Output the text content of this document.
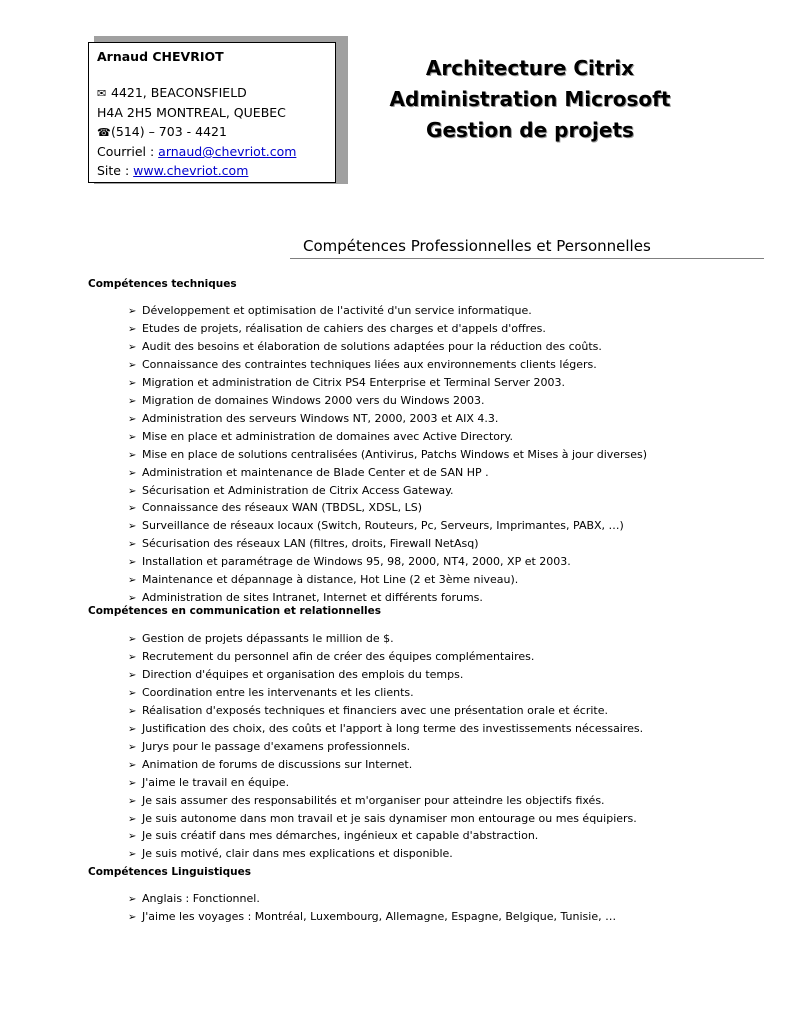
Arnaud CHEVRIOT
✉ 4421, BEACONSFIELD
H4A 2H5 MONTREAL, QUEBEC
☎(514) – 703 - 4421
Courriel : arnaud@chevriot.com
Site : www.chevriot.com
Architecture Citrix
Administration Microsoft
Gestion de projets
Compétences Professionnelles et Personnelles
Compétences techniques
➢ Développement et optimisation de l'activité d'un service informatique.
➢ Etudes de projets, réalisation de cahiers des charges et d'appels d'offres.
➢ Audit des besoins et élaboration de solutions adaptées pour la réduction des coûts.
➢ Connaissance des contraintes techniques liées aux environnements clients légers.
➢ Migration et administration de Citrix PS4 Enterprise et Terminal Server 2003.
➢ Migration de domaines Windows 2000 vers du Windows 2003.
➢ Administration des serveurs Windows NT, 2000, 2003 et AIX 4.3.
➢ Mise en place et administration de domaines avec Active Directory.
➢ Mise en place de solutions centralisées (Antivirus, Patchs Windows et Mises à jour diverses)
➢ Administration et maintenance de Blade Center et de SAN HP .
➢ Sécurisation et Administration de Citrix Access Gateway.
➢ Connaissance des réseaux WAN (TBDSL, XDSL, LS)
➢ Surveillance de réseaux locaux (Switch, Routeurs, Pc, Serveurs, Imprimantes, PABX, …)
➢ Sécurisation des réseaux LAN (filtres, droits, Firewall NetAsq)
➢ Installation et paramétrage de Windows 95, 98, 2000, NT4, 2000, XP et 2003.
➢ Maintenance et dépannage à distance, Hot Line (2 et 3ème niveau).
➢ Administration de sites Intranet, Internet et différents forums.
Compétences en communication et relationnelles
➢ Gestion de projets dépassants le million de $.
➢ Recrutement du personnel afin de créer des équipes complémentaires.
➢ Direction d'équipes et organisation des emplois du temps.
➢ Coordination entre les intervenants et les clients.
➢ Réalisation d'exposés techniques et financiers avec une présentation orale et écrite.
➢ Justification des choix, des coûts et l'apport à long terme des investissements nécessaires.
➢ Jurys pour le passage d'examens professionnels.
➢ Animation de forums de discussions sur Internet.
➢ J'aime le travail en équipe.
➢ Je sais assumer des responsabilités et m'organiser pour atteindre les objectifs fixés.
➢ Je suis autonome dans mon travail et je sais dynamiser mon entourage ou mes équipiers.
➢ Je suis créatif dans mes démarches, ingénieux et capable d'abstraction.
➢ Je suis motivé, clair dans mes explications et disponible.
Compétences Linguistiques
➢ Anglais : Fonctionnel.
➢ J'aime les voyages : Montréal, Luxembourg, Allemagne, Espagne, Belgique, Tunisie, …
